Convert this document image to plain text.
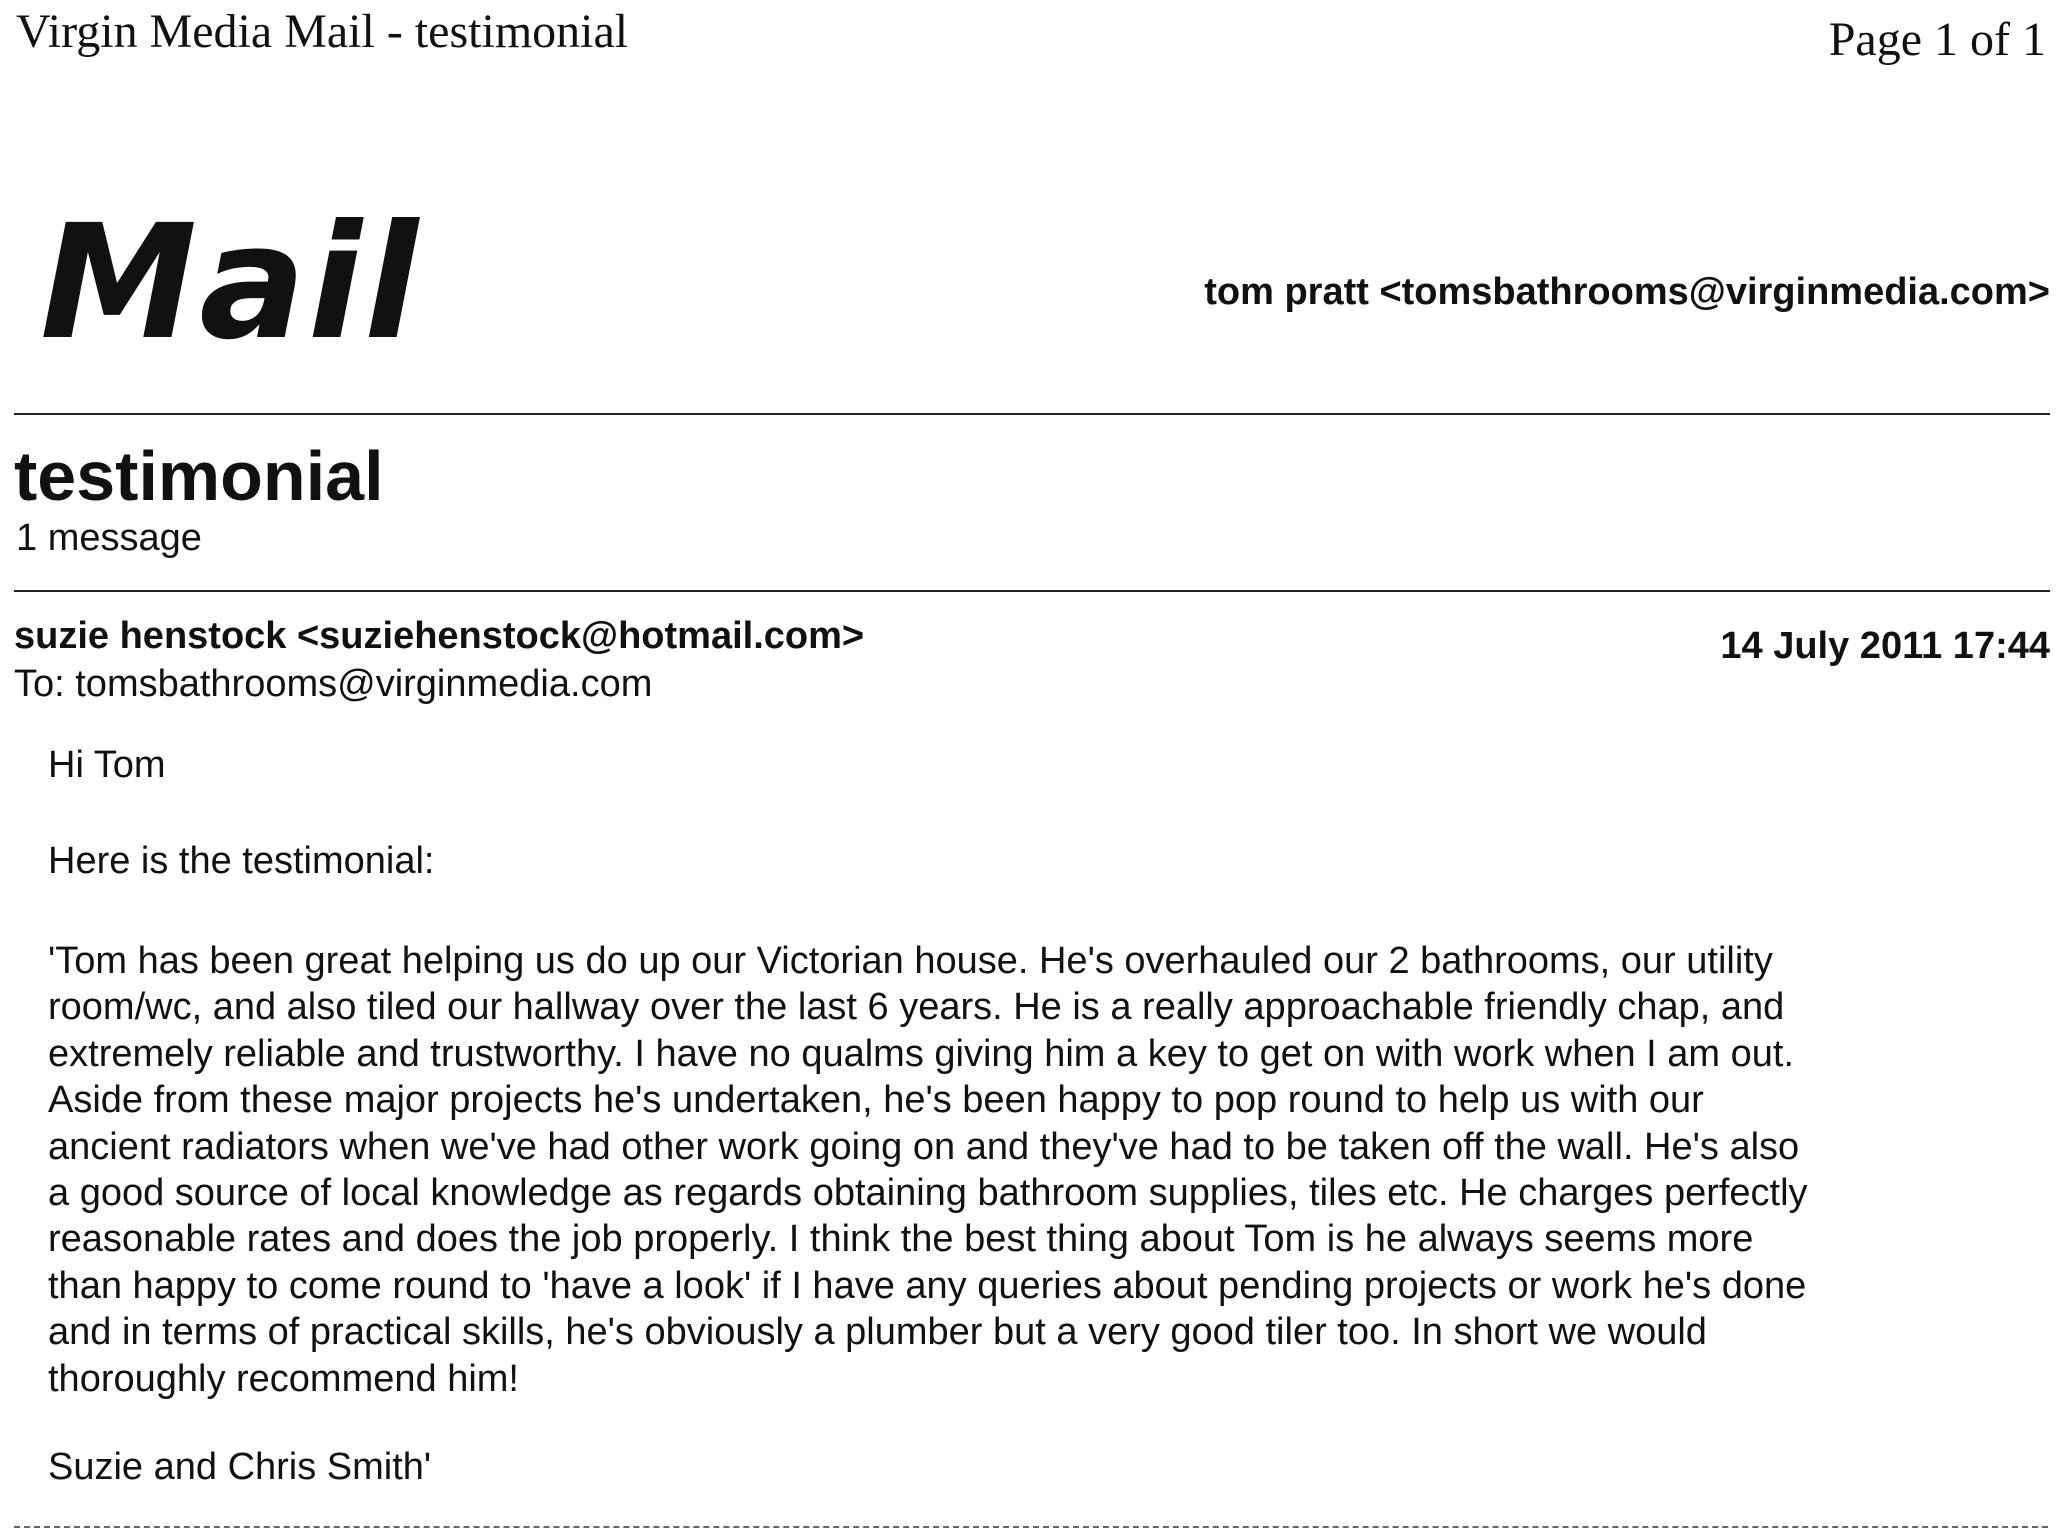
Virgin Media Mail - testimonial	Page 1 of 1
Mail	tom pratt <tomsbathrooms@virginmedia.com>
testimonial
1 message
suzie henstock <suziehenstock@hotmail.com>	14 July 2011 17:44
To: tomsbathrooms@virginmedia.com

Hi Tom

Here is the testimonial:

'Tom has been great helping us do up our Victorian house. He's overhauled our 2 bathrooms, our utility

room/wc, and also tiled our hallway over the last 6 years. He is a really approachable friendly chap, and

extremely reliable and trustworthy. I have no qualms giving him a key to get on with work when I am out.

Aside from these major projects he's undertaken, he's been happy to pop round to help us with our

ancient radiators when we've had other work going on and they've had to be taken off the wall. He's also

a good source of local knowledge as regards obtaining bathroom supplies, tiles etc. He charges perfectly

reasonable rates and does the job properly. I think the best thing about Tom is he always seems more

than happy to come round to 'have a look' if I have any queries about pending projects or work he's done

and in terms of practical skills, he's obviously a plumber but a very good tiler too. In short we would

thoroughly recommend him!

Suzie and Chris Smith'
